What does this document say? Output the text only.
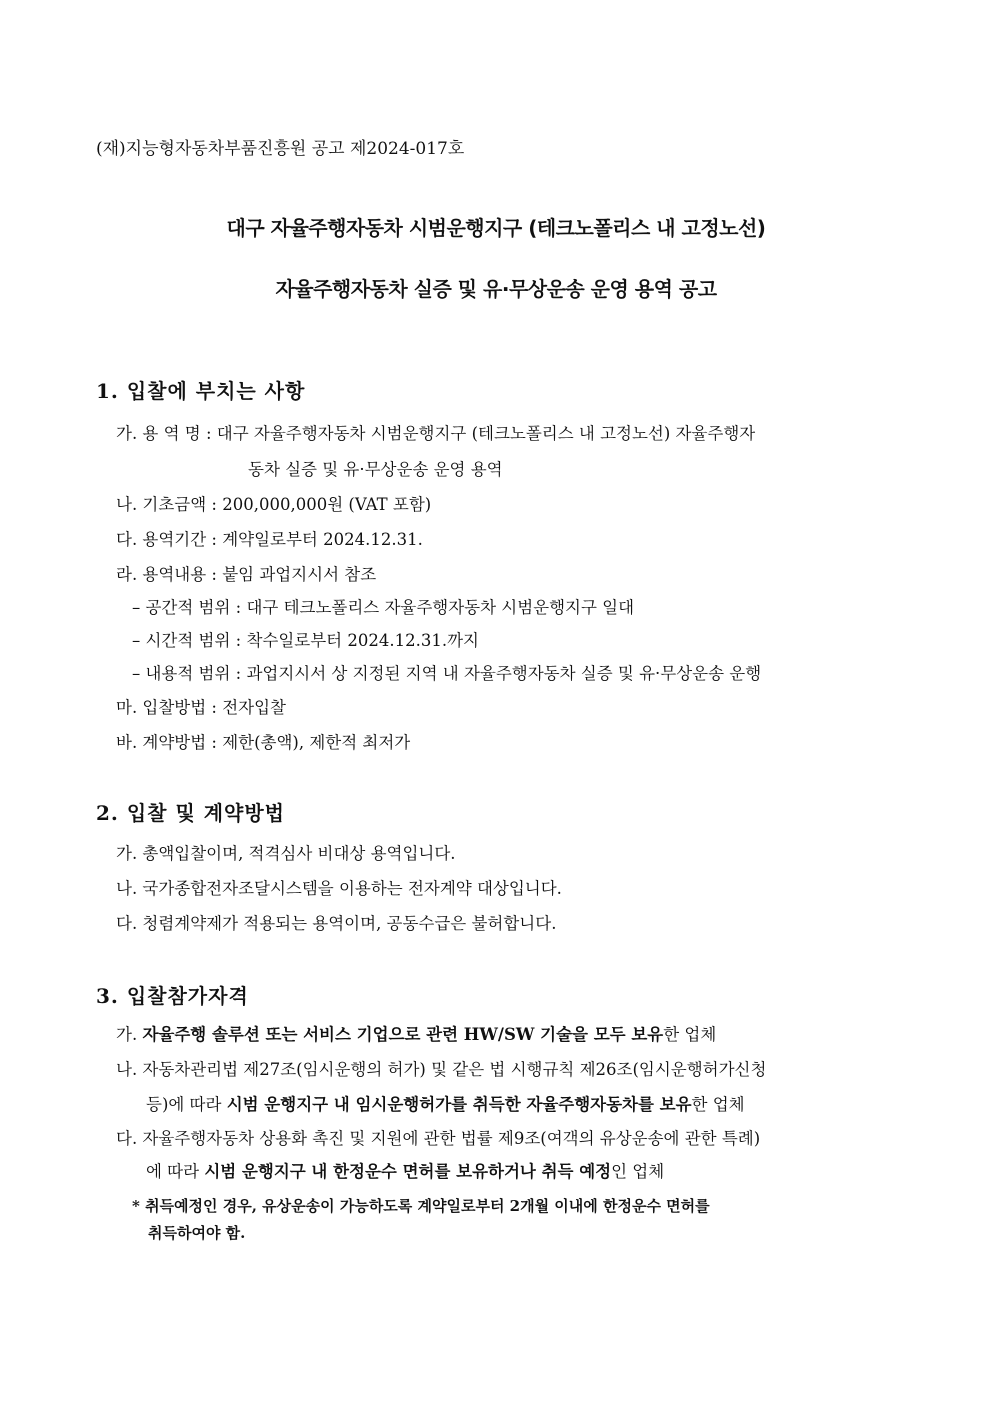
(재)지능형자동차부품진흥원 공고 제2024-017호
대구 자율주행자동차 시범운행지구 (테크노폴리스 내 고정노선)
자율주행자동차 실증 및 유·무상운송 운영 용역 공고
1. 입찰에 부치는 사항
가. 용 역 명 : 대구 자율주행자동차 시범운행지구 (테크노폴리스 내 고정노선) 자율주행자
동차 실증 및 유·무상운송 운영 용역
나. 기초금액 : 200,000,000원 (VAT 포함)
다. 용역기간 : 계약일로부터 2024.12.31.
라. 용역내용 : 붙임 과업지시서 참조
– 공간적 범위 : 대구 테크노폴리스 자율주행자동차 시범운행지구 일대
– 시간적 범위 : 착수일로부터 2024.12.31.까지
– 내용적 범위 : 과업지시서 상 지정된 지역 내 자율주행자동차 실증 및 유·무상운송 운행
마. 입찰방법 : 전자입찰
바. 계약방법 : 제한(총액), 제한적 최저가
2. 입찰 및 계약방법
가. 총액입찰이며, 적격심사 비대상 용역입니다.
나. 국가종합전자조달시스템을 이용하는 전자계약 대상입니다.
다. 청렴계약제가 적용되는 용역이며, 공동수급은 불허합니다.
3. 입찰참가자격
가. 자율주행 솔루션 또는 서비스 기업으로 관련 HW/SW 기술을 모두 보유한 업체
나. 자동차관리법 제27조(임시운행의 허가) 및 같은 법 시행규칙 제26조(임시운행허가신청
등)에 따라 시범 운행지구 내 임시운행허가를 취득한 자율주행자동차를 보유한 업체
다. 자율주행자동차 상용화 촉진 및 지원에 관한 법률 제9조(여객의 유상운송에 관한 특례)
에 따라 시범 운행지구 내 한정운수 면허를 보유하거나 취득 예정인 업체
* 취득예정인 경우, 유상운송이 가능하도록 계약일로부터 2개월 이내에 한정운수 면허를
취득하여야 함.
